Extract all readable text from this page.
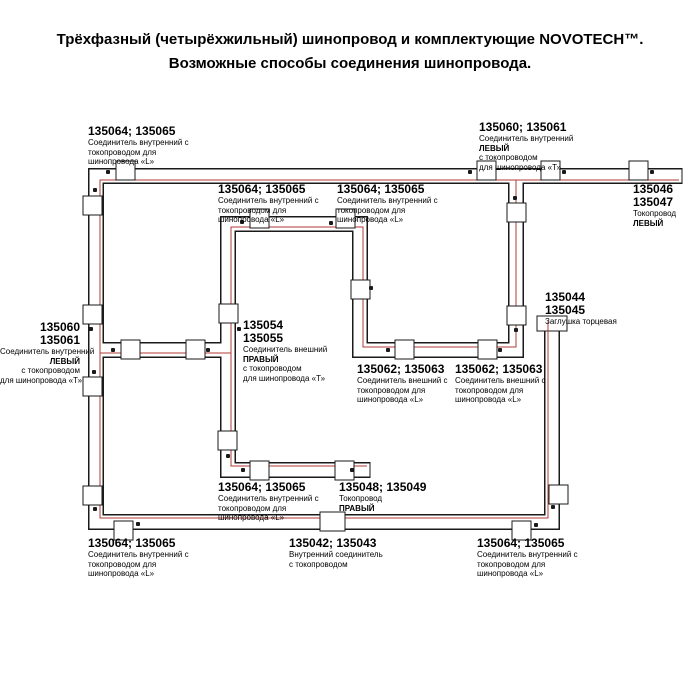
Трёхфазный (четырёхжильный) шинопровод и комплектующие NOVOTECH™.
Возможные способы соединения шинопровода.
135064; 135065
Соединитель внутренний с
токопроводом для
шинопровода «L»
135064; 135065
Соединитель внутренний с
токопроводом для
шинопровода «L»
135064; 135065
Соединитель внутренний с
токопроводом для
шинопровода «L»
135060; 135061
Соединитель внутренний
ЛЕВЫЙ
с токопроводом
для шинопровода «Т»
135046
135047
Токопровод
ЛЕВЫЙ
135044
135045
Заглушка торцевая
135060
135061
Соединитель внутренний
ЛЕВЫЙ
с токопроводом
для шинопровода «Т»
135054
135055
Соединитель внешний
ПРАВЫЙ
с токопроводом
для шинопровода «Т»
135062; 135063
Соединитель внешний с
токопроводом для
шинопровода «L»
135062; 135063
Соединитель внешний с
токопроводом для
шинопровода «L»
135064; 135065
Соединитель внутренний с
токопроводом для
шинопровода «L»
135048; 135049
Токопровод
ПРАВЫЙ
135064; 135065
Соединитель внутренний с
токопроводом для
шинопровода «L»
135042; 135043
Внутренний соединитель
с токопроводом
135064; 135065
Соединитель внутренний с
токопроводом для
шинопровода «L»
